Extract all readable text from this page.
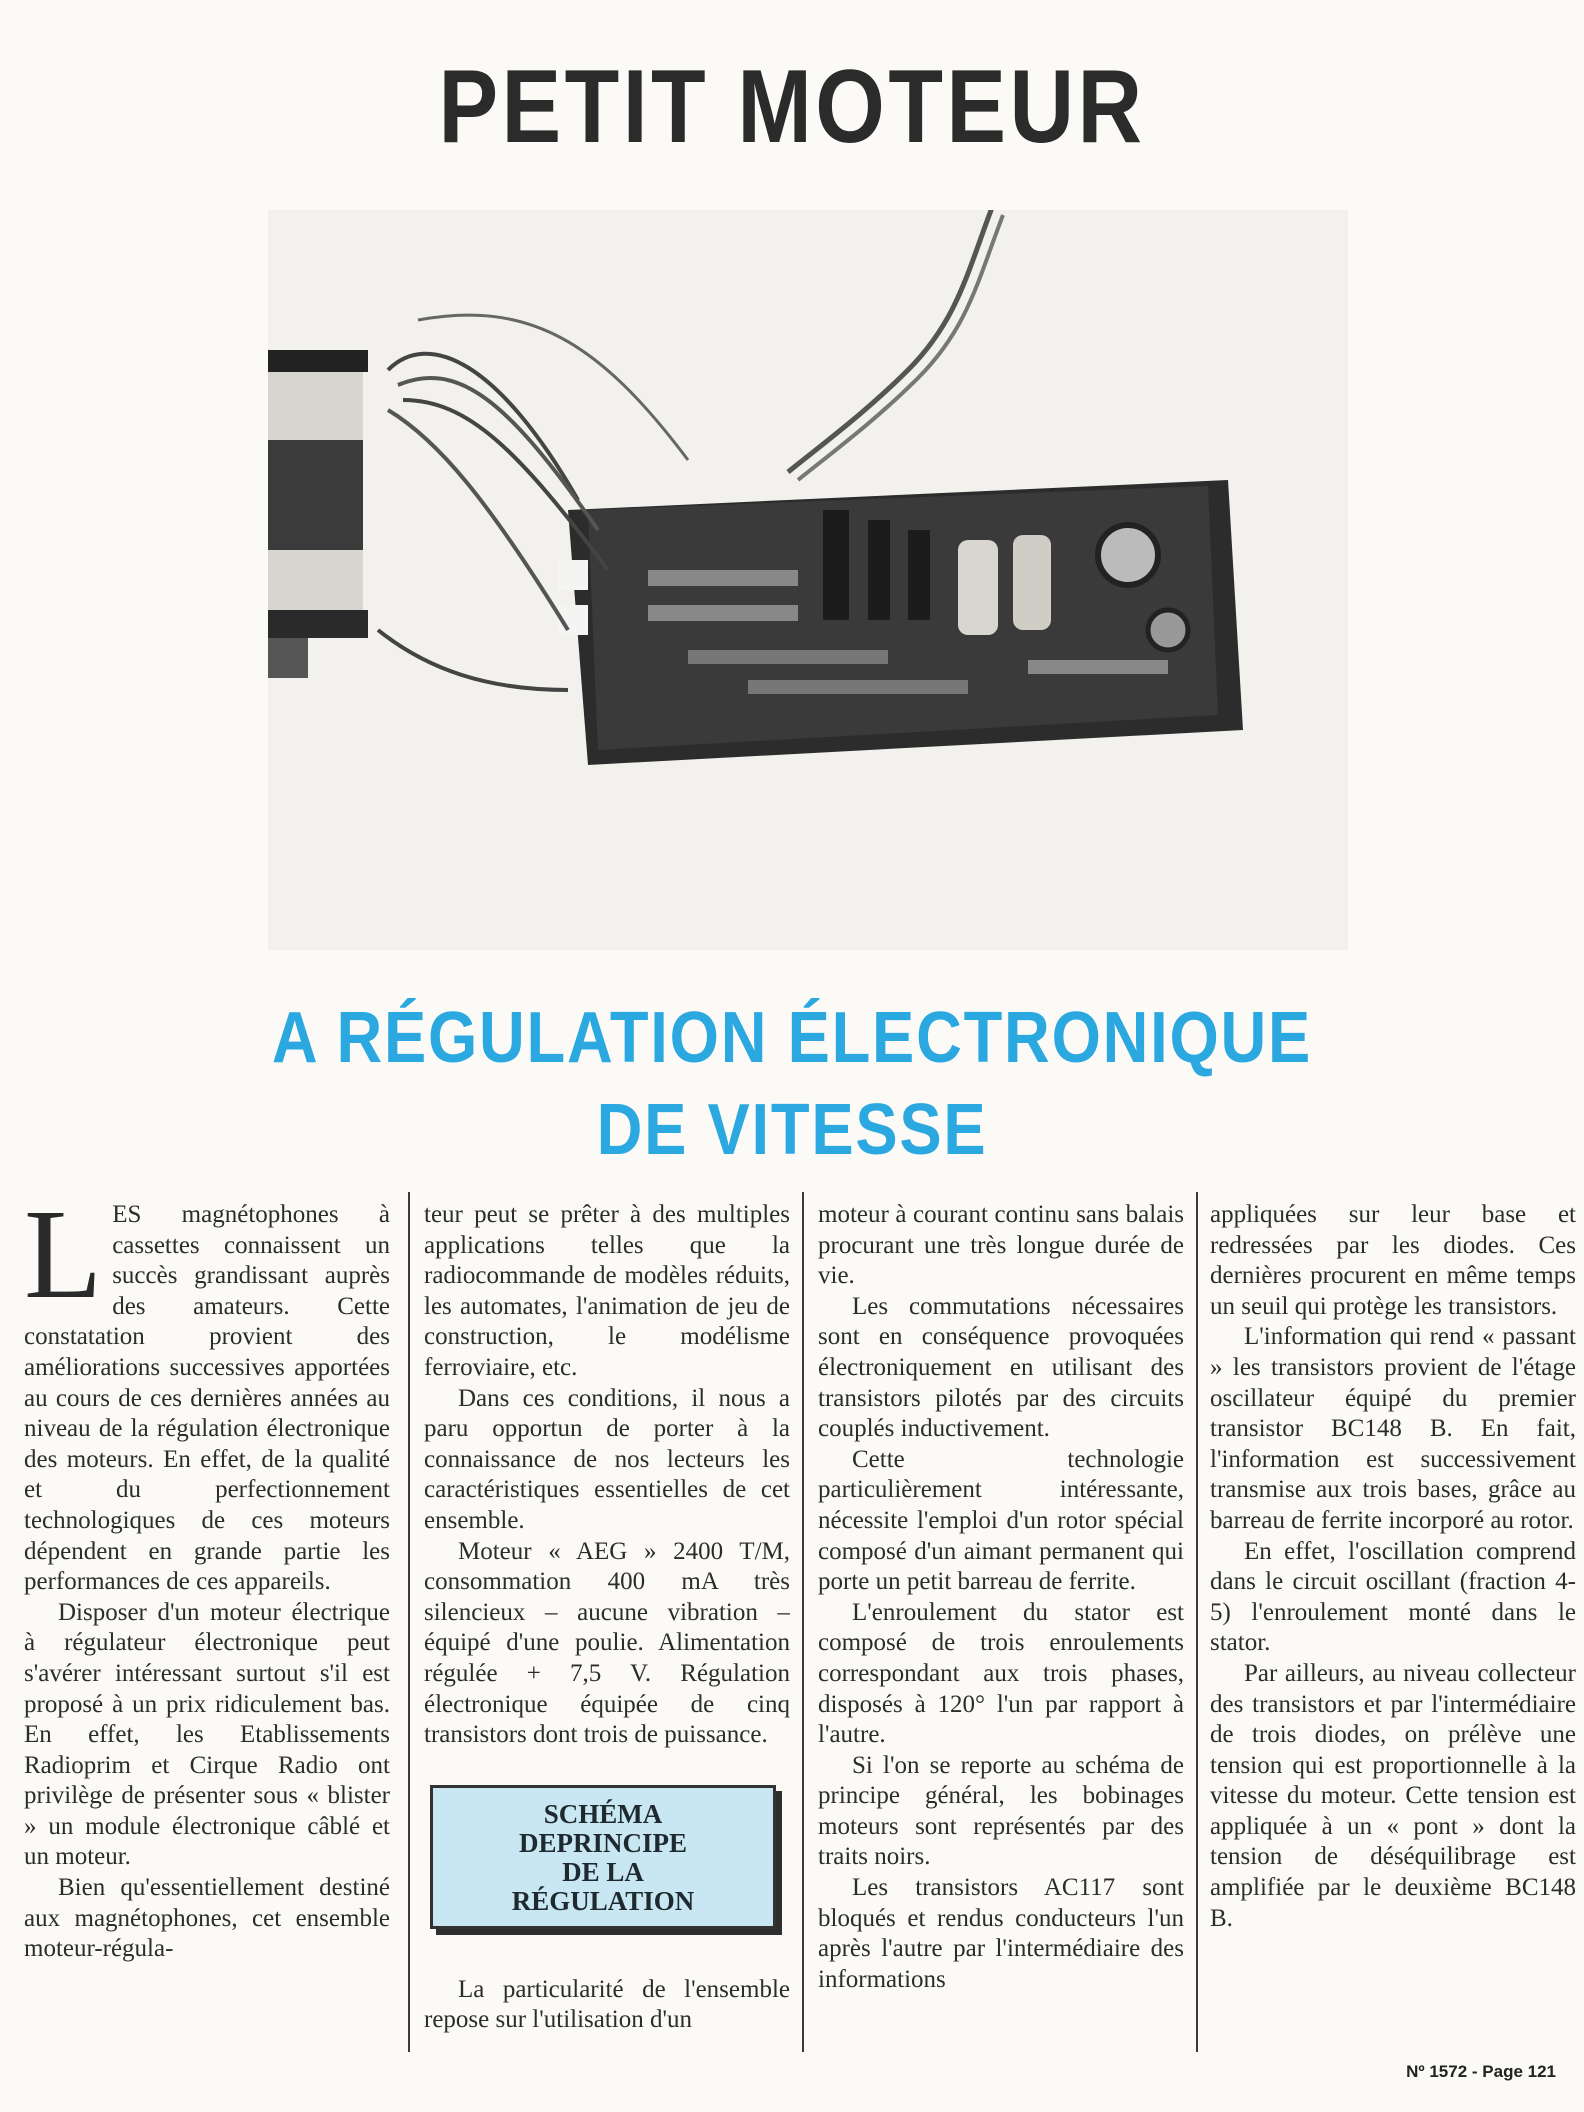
PETIT MOTEUR
A RÉGULATION ÉLECTRONIQUE
DE VITESSE

LES magnétophones à cassettes connaissent un succès grandissant auprès des amateurs. Cette constatation provient des améliorations successives apportées au cours de ces dernières années au niveau de la régulation électronique des moteurs. En effet, de la qualité et du perfectionnement technologiques de ces moteurs dépendent en grande partie les performances de ces appareils.

Disposer d'un moteur électrique à régulateur électronique peut s'avérer intéressant surtout s'il est proposé à un prix ridiculement bas. En effet, les Etablissements Radioprim et Cirque Radio ont privilège de présenter sous « blister » un module électronique câblé et un moteur.

Bien qu'essentiellement destiné aux magnétophones, cet ensemble moteur-régula-

teur peut se prêter à des multiples applications telles que la radiocommande de modèles réduits, les automates, l'animation de jeu de construction, le modélisme ferroviaire, etc.

Dans ces conditions, il nous a paru opportun de porter à la connaissance de nos lecteurs les caractéristiques essentielles de cet ensemble.

Moteur « AEG » 2400 T/M, consommation 400 mA très silencieux – aucune vibration – équipé d'une poulie. Alimentation régulée + 7,5 V. Régulation électronique équipée de cinq transistors dont trois de puissance.

SCHÉMA
DEPRINCIPE
DE LA
RÉGULATION

La particularité de l'ensemble repose sur l'utilisation d'un

moteur à courant continu sans balais procurant une très longue durée de vie.

Les commutations nécessaires sont en conséquence provoquées électroniquement en utilisant des transistors pilotés par des circuits couplés inductivement.

Cette technologie particulièrement intéressante, nécessite l'emploi d'un rotor spécial composé d'un aimant permanent qui porte un petit barreau de ferrite.

L'enroulement du stator est composé de trois enroulements correspondant aux trois phases, disposés à 120° l'un par rapport à l'autre.

Si l'on se reporte au schéma de principe général, les bobinages moteurs sont représentés par des traits noirs.

Les transistors AC117 sont bloqués et rendus conducteurs l'un après l'autre par l'intermédiaire des informations

appliquées sur leur base et redressées par les diodes. Ces dernières procurent en même temps un seuil qui protège les transistors.

L'information qui rend « passant » les transistors provient de l'étage oscillateur équipé du premier transistor BC148 B. En fait, l'information est successivement transmise aux trois bases, grâce au barreau de ferrite incorporé au rotor.

En effet, l'oscillation comprend dans le circuit oscillant (fraction 4-5) l'enroulement monté dans le stator.

Par ailleurs, au niveau collecteur des transistors et par l'intermédiaire de trois diodes, on prélève une tension qui est proportionnelle à la vitesse du moteur. Cette tension est appliquée à un « pont » dont la tension de déséquilibrage est amplifiée par le deuxième BC148 B.

Nº 1572 - Page 121
